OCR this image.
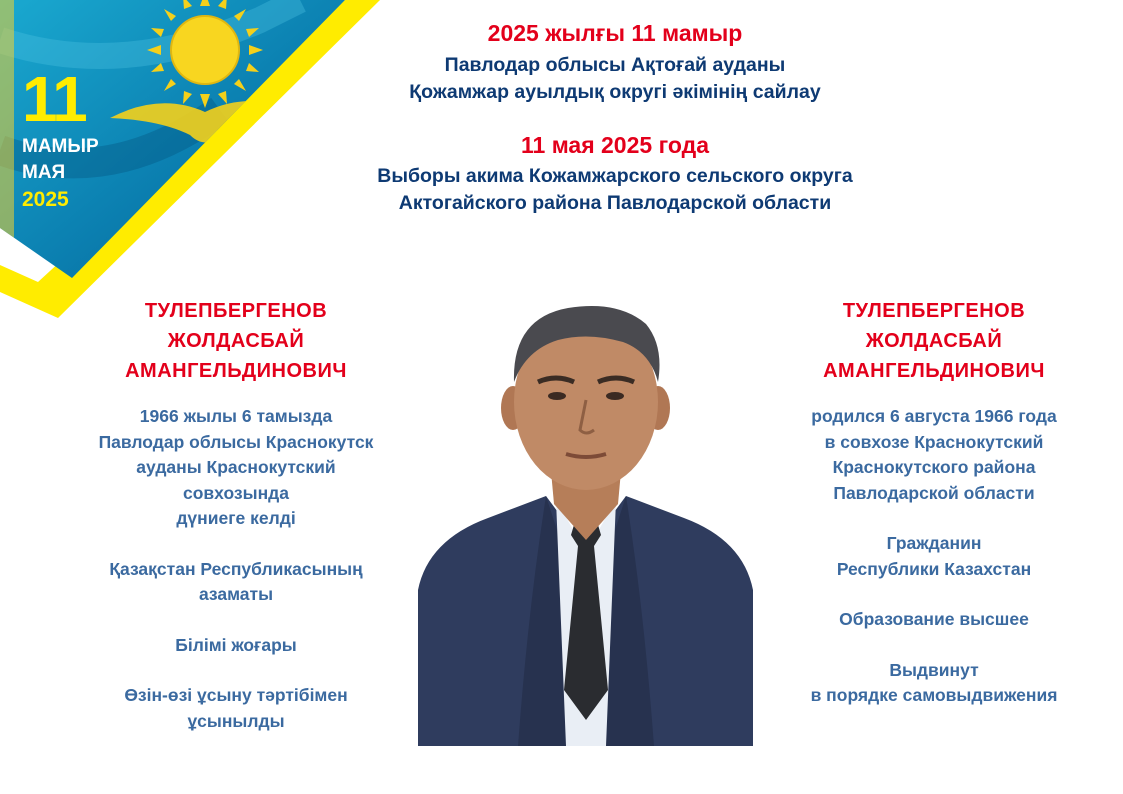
11
МАМЫР
МАЯ
2025
2025 жылғы 11 мамыр
Павлодар облысы Ақтоғай ауданы
Қожамжар ауылдық округі әкімінің сайлау
11 мая 2025 года
Выборы акима Кожамжарского сельского округа
Актогайского района Павлодарской области
ТУЛЕПБЕРГЕНОВ
ЖОЛДАСБАЙ
АМАНГЕЛЬДИНОВИЧ
1966 жылы 6 тамызда
Павлодар облысы Краснокутск
ауданы Краснокутский
совхозында
дүниеге келді
Қазақстан Республикасының
азаматы
Білімі жоғары
Өзін-өзі ұсыну тәртібімен
ұсынылды
ТУЛЕПБЕРГЕНОВ
ЖОЛДАСБАЙ
АМАНГЕЛЬДИНОВИЧ
родился 6 августа 1966 года
в совхозе Краснокутский
Краснокутского района
Павлодарской области
Гражданин
Республики Казахстан
Образование высшее
Выдвинут
в порядке самовыдвижения
